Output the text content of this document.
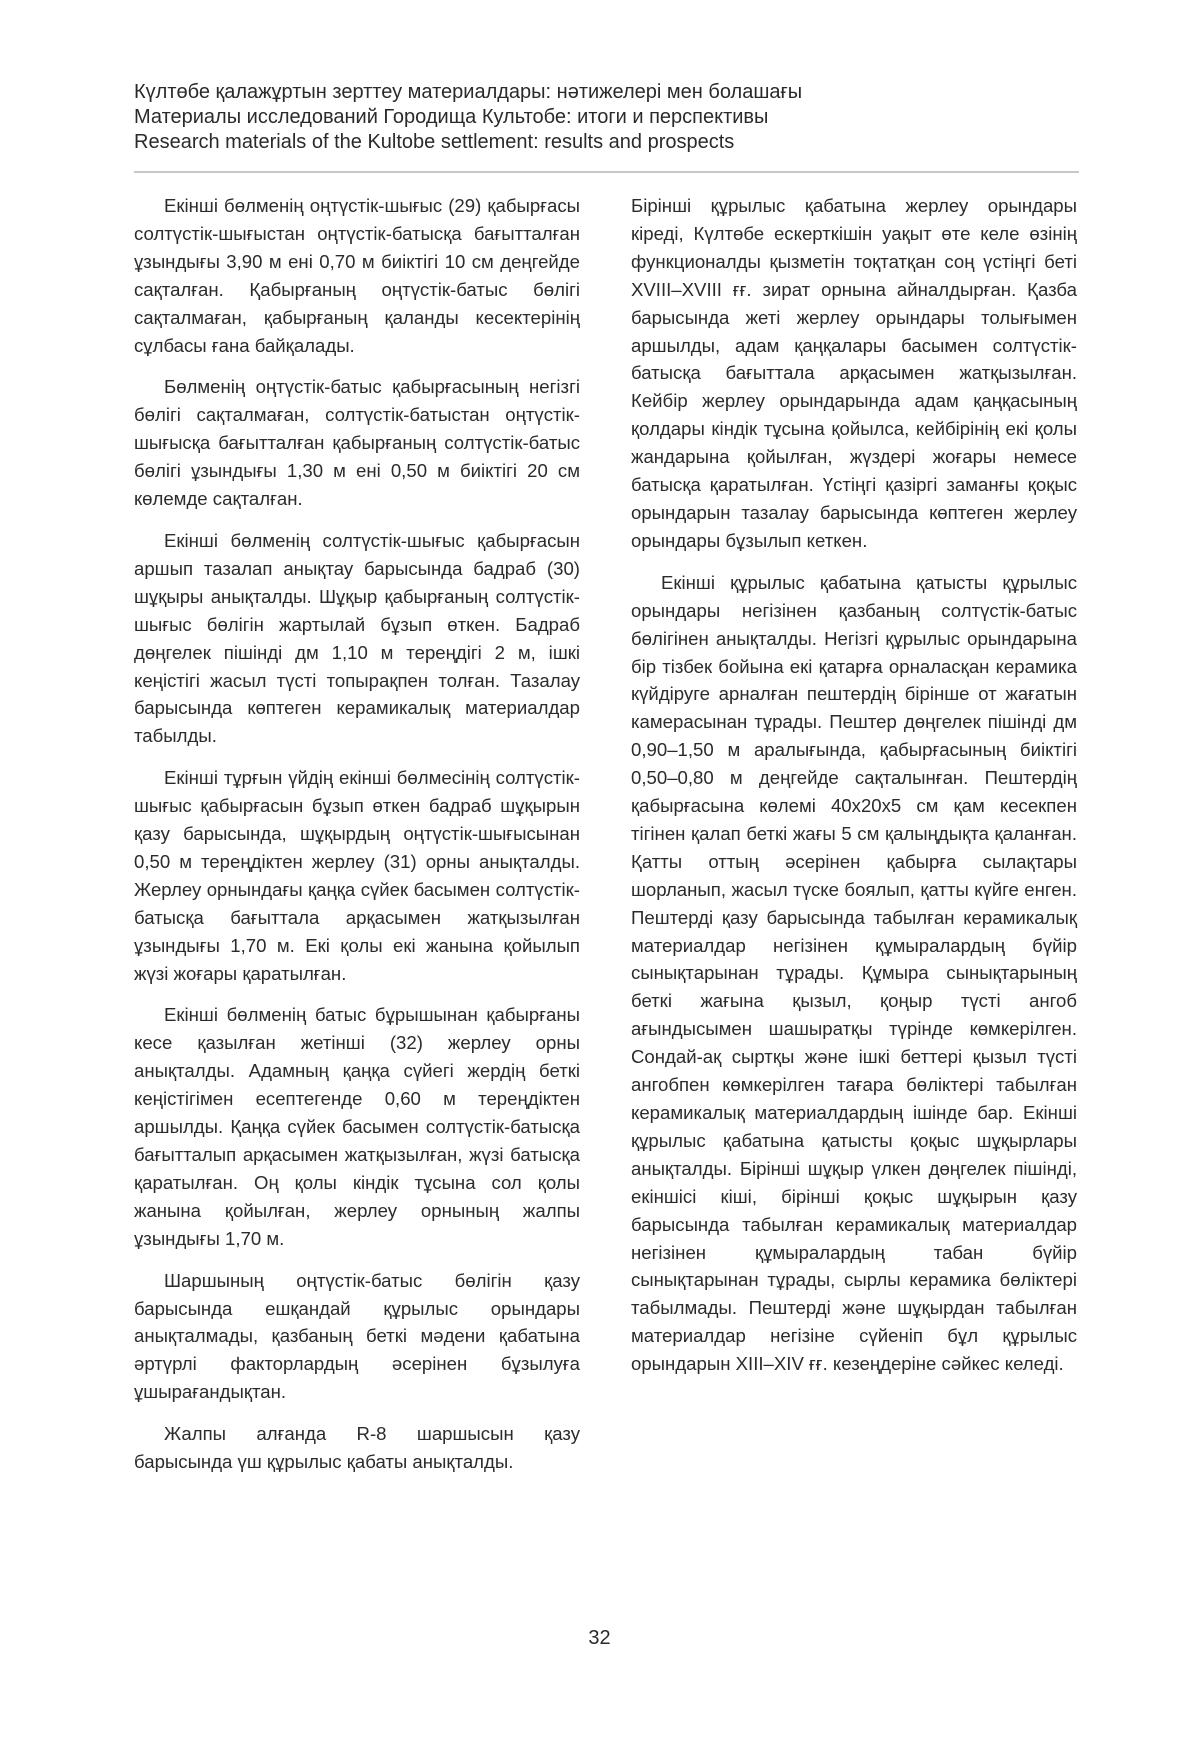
Күлтөбе қалажұртын зерттеу материалдары: нәтижелері мен болашағы
Материалы исследований Городища Культобе: итоги и перспективы
Research materials of the Kultobe settlement: results and prospects

Екінші бөлменің оңтүстік-шығыс (29) қабырғасы солтүстік-шығыстан оңтүстік-батысқа бағытталған ұзындығы 3,90 м ені 0,70 м биіктігі 10 см деңгейде сақталған. Қабырғаның оңтүстік-батыс бөлігі сақталмаған, қабырғаның қаланды кесектерінің сұлбасы ғана байқалады.

Бөлменің оңтүстік-батыс қабырғасының негізгі бөлігі сақталмаған, солтүстік-батыстан оңтүстік-шығысқа бағытталған қабырғаның солтүстік-батыс бөлігі ұзындығы 1,30 м ені 0,50 м биіктігі 20 см көлемде сақталған.

Екінші бөлменің солтүстік-шығыс қабырғасын аршып тазалап анықтау барысында бадраб (30) шұқыры анықталды. Шұқыр қабырғаның солтүстік-шығыс бөлігін жартылай бұзып өткен. Бадраб дөңгелек пішінді дм 1,10 м тереңдігі 2 м, ішкі кеңістігі жасыл түсті топырақпен толған. Тазалау барысында көптеген керамикалық материалдар табылды.

Екінші тұрғын үйдің екінші бөлмесінің солтүстік-шығыс қабырғасын бұзып өткен бадраб шұқырын қазу барысында, шұқырдың оңтүстік-шығысынан 0,50 м тереңдіктен жерлеу (31) орны анықталды. Жерлеу орнындағы қаңқа сүйек басымен солтүстік-батысқа бағыттала арқасымен жатқызылған ұзындығы 1,70 м. Екі қолы екі жанына қойылып жүзі жоғары қаратылған.

Екінші бөлменің батыс бұрышынан қабырғаны кесе қазылған жетінші (32) жерлеу орны анықталды. Адамның қаңқа сүйегі жердің беткі кеңістігімен есептегенде 0,60 м тереңдіктен аршылды. Қаңқа сүйек басымен солтүстік-батысқа бағытталып арқасымен жатқызылған, жүзі батысқа қаратылған. Оң қолы кіндік тұсына сол қолы жанына қойылған, жерлеу орнының жалпы ұзындығы 1,70 м.

Шаршының оңтүстік-батыс бөлігін қазу барысында ешқандай құрылыс орындары анықталмады, қазбаның беткі мәдени қабатына әртүрлі факторлардың әсерінен бұзылуға ұшырағандықтан.

Жалпы алғанда R-8 шаршысын қазу барысында үш құрылыс қабаты анықталды.

Бірінші құрылыс қабатына жерлеу орындары кіреді, Күлтөбе ескерткішін уақыт өте келе өзінің функционалды қызметін тоқтатқан соң үстіңгі беті XVIII–XVIII ғғ. зират орнына айналдырған. Қазба барысында жеті жерлеу орындары толығымен аршылды, адам қаңқалары басымен солтүстік-батысқа бағыттала арқасымен жатқызылған. Кейбір жерлеу орындарында адам қаңқасының қолдары кіндік тұсына қойылса, кейбірінің екі қолы жандарына қойылған, жүздері жоғары немесе батысқа қаратылған. Үстіңгі қазіргі заманғы қоқыс орындарын тазалау барысында көптеген жерлеу орындары бұзылып кеткен.

Екінші құрылыс қабатына қатысты құрылыс орындары негізінен қазбаның солтүстік-батыс бөлігінен анықталды. Негізгі құрылыс орындарына бір тізбек бойына екі қатарға орналасқан керамика күйдіруге арналған пештердің бірінше от жағатын камерасынан тұрады. Пештер дөңгелек пішінді дм 0,90–1,50 м аралығында, қабырғасының биіктігі 0,50–0,80 м деңгейде сақталынған. Пештердің қабырғасына көлемі 40х20х5 см қам кесекпен тігінен қалап беткі жағы 5 см қалыңдықта қаланған. Қатты оттың әсерінен қабырға сылақтары шорланып, жасыл түске боялып, қатты күйге енген. Пештерді қазу барысында табылған керамикалық материалдар негізінен құмыралардың бүйір сынықтарынан тұрады. Құмыра сынықтарының беткі жағына қызыл, қоңыр түсті ангоб ағындысымен шашыратқы түрінде көмкерілген. Сондай-ақ сыртқы және ішкі беттері қызыл түсті ангобпен көмкерілген тағара бөліктері табылған керамикалық материалдардың ішінде бар. Екінші құрылыс қабатына қатысты қоқыс шұқырлары анықталды. Бірінші шұқыр үлкен дөңгелек пішінді, екіншісі кіші, бірінші қоқыс шұқырын қазу барысында табылған керамикалық материалдар негізінен құмыралардың табан бүйір сынықтарынан тұрады, сырлы керамика бөліктері табылмады. Пештерді және шұқырдан табылған материалдар негізіне сүйеніп бұл құрылыс орындарын XIII–XIV ғғ. кезеңдеріне сәйкес келеді.

32
